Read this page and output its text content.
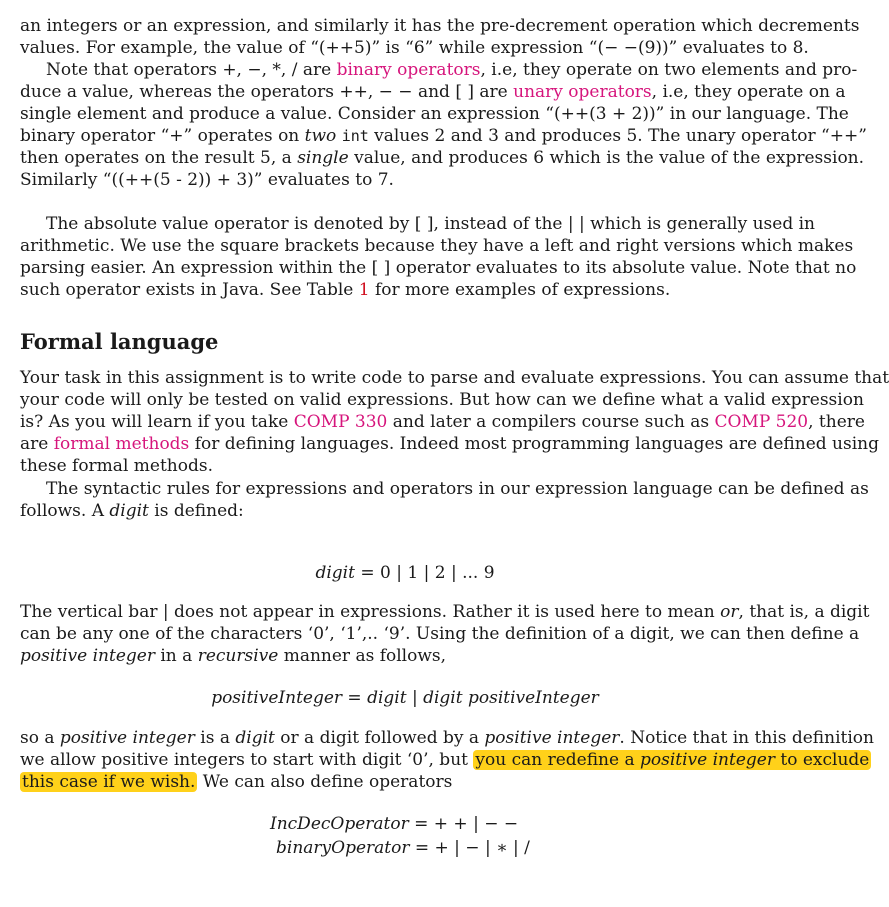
an integers or an expression, and similarly it has the pre-decrement operation which decrements
values. For example, the value of “(++5)” is “6” while expression “(− −(9))” evaluates to 8.
Note that operators +, −, *, / are binary operators, i.e, they operate on two elements and pro-
duce a value, whereas the operators ++, − − and [ ] are unary operators, i.e, they operate on a
single element and produce a value. Consider an expression “(++(3 + 2))” in our language. The
binary operator “+” operates on two int values 2 and 3 and produces 5. The unary operator “++”
then operates on the result 5, a single value, and produces 6 which is the value of the expression.
Similarly “((++(5 - 2)) + 3)” evaluates to 7.
The absolute value operator is denoted by [ ], instead of the | | which is generally used in
arithmetic. We use the square brackets because they have a left and right versions which makes
parsing easier. An expression within the [ ] operator evaluates to its absolute value. Note that no
such operator exists in Java. See Table 1 for more examples of expressions.
Formal language
Your task in this assignment is to write code to parse and evaluate expressions. You can assume that
your code will only be tested on valid expressions. But how can we define what a valid expression
is? As you will learn if you take COMP 330 and later a compilers course such as COMP 520, there
are formal methods for defining languages. Indeed most programming languages are defined using
these formal methods.
The syntactic rules for expressions and operators in our expression language can be defined as
follows. A digit is defined:
digit = 0 | 1 | 2 | ... 9
The vertical bar | does not appear in expressions. Rather it is used here to mean or, that is, a digit
can be any one of the characters ‘0’, ‘1’,.. ‘9’. Using the definition of a digit, we can then define a
positive integer in a recursive manner as follows,
positiveInteger = digit | digit positiveInteger
so a positive integer is a digit or a digit followed by a positive integer. Notice that in this definition
we allow positive integers to start with digit ‘0’, but you can redefine a positive integer to exclude
this case if we wish. We can also define operators
IncDecOperator = + + | − −
binaryOperator = + | − | ∗ | /
